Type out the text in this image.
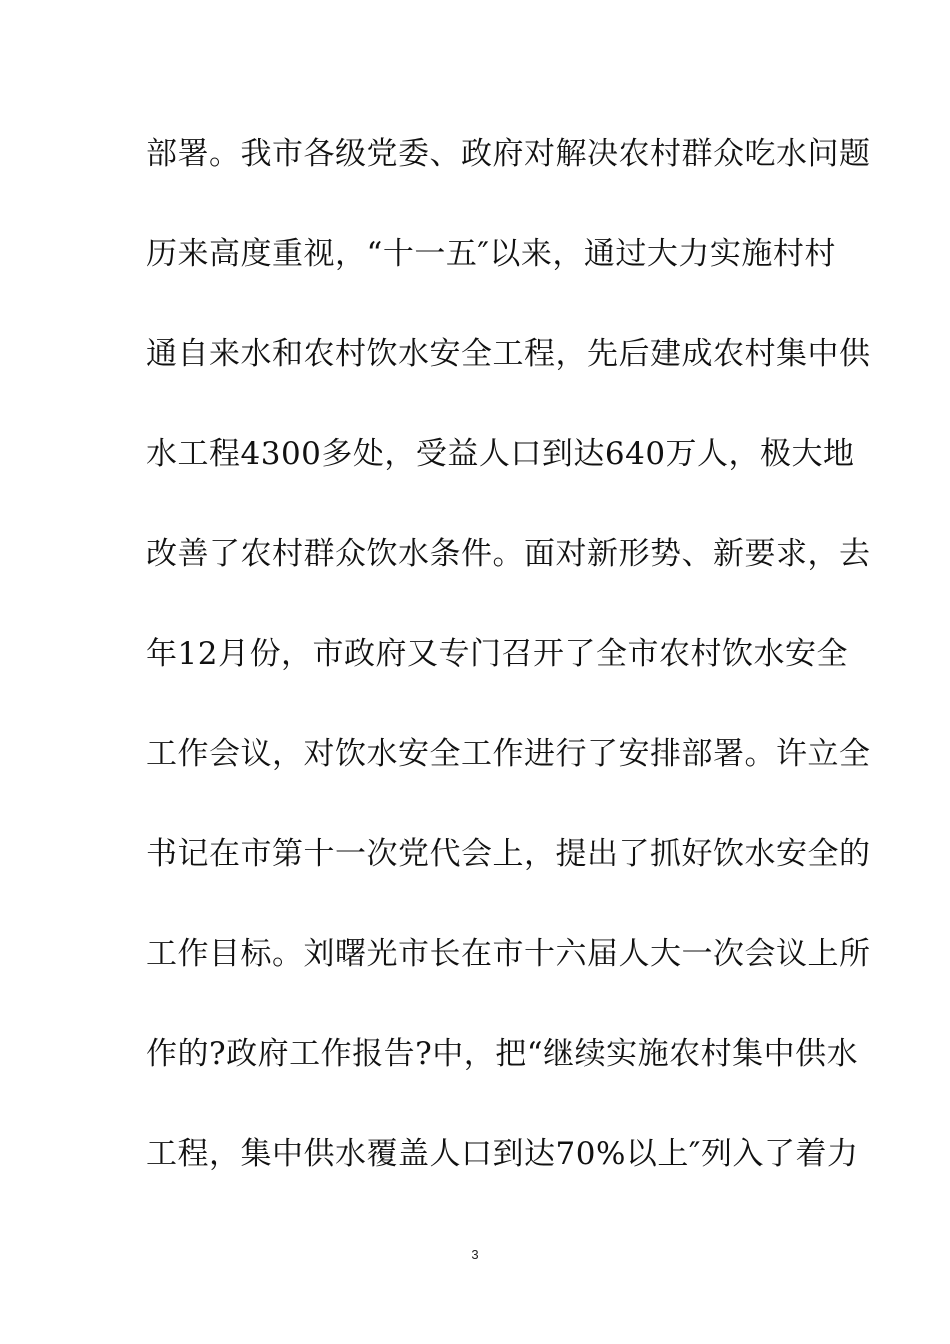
部署。我市各级党委、政府对解决农村群众吃水问题
历来高度重视，“十一五″以来，通过大力实施村村
通自来水和农村饮水安全工程，先后建成农村集中供
水工程4300多处，受益人口到达640万人，极大地
改善了农村群众饮水条件。面对新形势、新要求，去
年12月份，市政府又专门召开了全市农村饮水安全
工作会议，对饮水安全工作进行了安排部署。许立全
书记在市第十一次党代会上，提出了抓好饮水安全的
工作目标。刘曙光市长在市十六届人大一次会议上所
作的?政府工作报告?中，把“继续实施农村集中供水
工程，集中供水覆盖人口到达70%以上″列入了着力
3
